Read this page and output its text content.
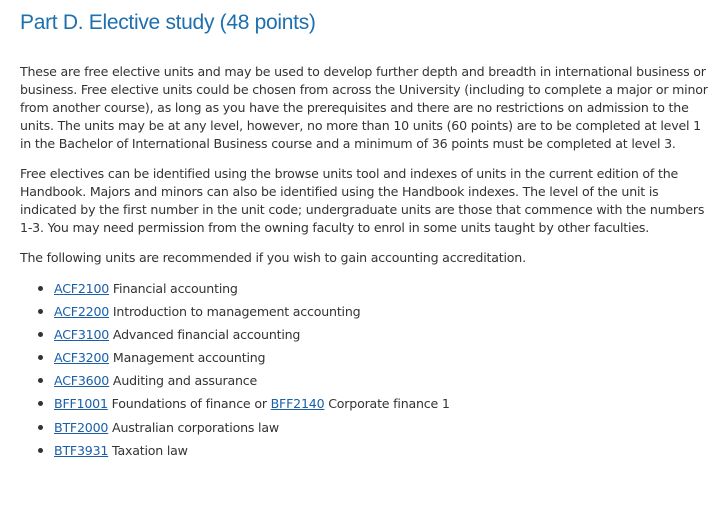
Part D. Elective study (48 points)

These are free elective units and may be used to develop further depth and breadth in international business or business. Free elective units could be chosen from across the University (including to complete a major or minor from another course), as long as you have the prerequisites and there are no restrictions on admission to the units. The units may be at any level, however, no more than 10 units (60 points) are to be completed at level 1 in the Bachelor of International Business course and a minimum of 36 points must be completed at level 3.

Free electives can be identified using the browse units tool and indexes of units in the current edition of the Handbook. Majors and minors can also be identified using the Handbook indexes. The level of the unit is indicated by the first number in the unit code; undergraduate units are those that commence with the numbers 1-3. You may need permission from the owning faculty to enrol in some units taught by other faculties.

The following units are recommended if you wish to gain accounting accreditation.

ACF2100 Financial accounting
ACF2200 Introduction to management accounting
ACF3100 Advanced financial accounting
ACF3200 Management accounting
ACF3600 Auditing and assurance
BFF1001 Foundations of finance or BFF2140 Corporate finance 1
BTF2000 Australian corporations law
BTF3931 Taxation law
